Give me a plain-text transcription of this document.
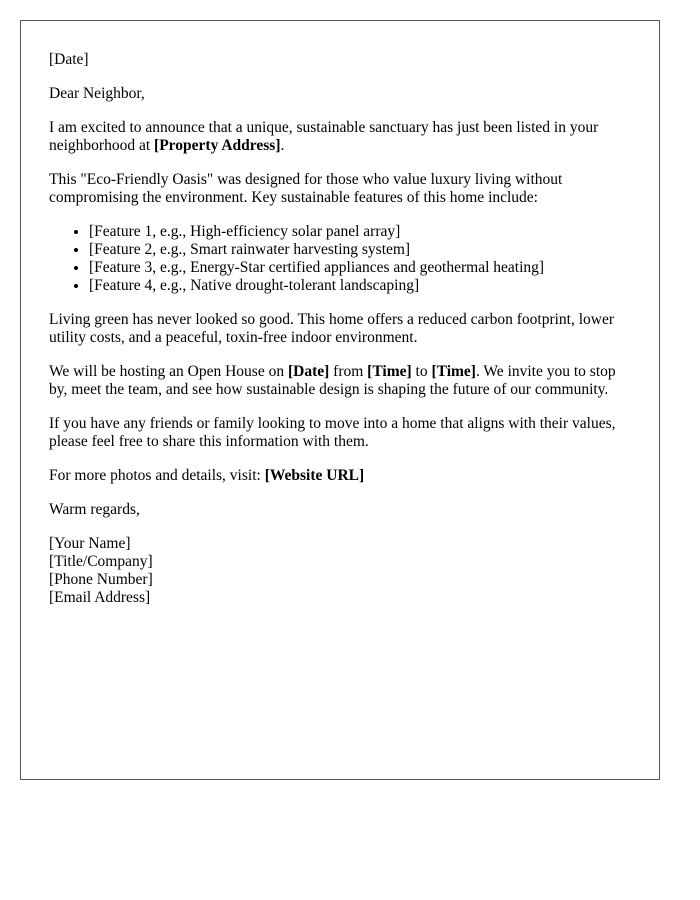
[Date]

Dear Neighbor,

I am excited to announce that a unique, sustainable sanctuary has just been listed in your neighborhood at [Property Address].

This "Eco-Friendly Oasis" was designed for those who value luxury living without compromising the environment. Key sustainable features of this home include:

• [Feature 1, e.g., High-efficiency solar panel array]
• [Feature 2, e.g., Smart rainwater harvesting system]
• [Feature 3, e.g., Energy-Star certified appliances and geothermal heating]
• [Feature 4, e.g., Native drought-tolerant landscaping]

Living green has never looked so good. This home offers a reduced carbon footprint, lower utility costs, and a peaceful, toxin-free indoor environment.

We will be hosting an Open House on [Date] from [Time] to [Time]. We invite you to stop by, meet the team, and see how sustainable design is shaping the future of our community.

If you have any friends or family looking to move into a home that aligns with their values, please feel free to share this information with them.

For more photos and details, visit: [Website URL]

Warm regards,

[Your Name]
[Title/Company]
[Phone Number]
[Email Address]
